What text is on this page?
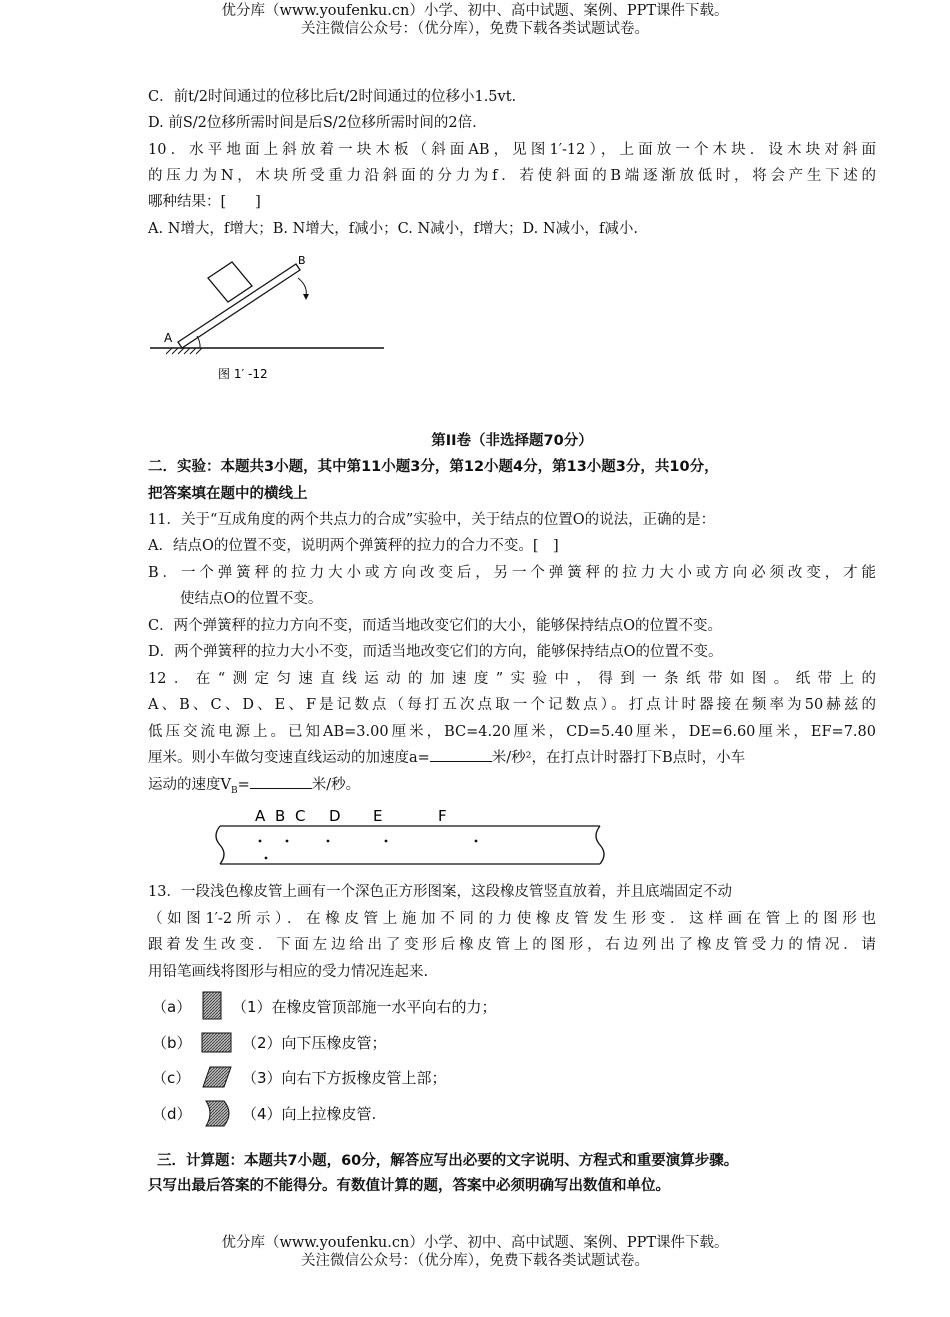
优分库（www.youfenku.cn）小学、初中、高中试题、案例、PPT课件下载。
关注微信公众号：（优分库），免费下载各类试题试卷。
C．前t/2时间通过的位移比后t/2时间通过的位移小1.5vt.
D. 前S/2位移所需时间是后S/2位移所需时间的2倍.
10．水平地面上斜放着一块木板（斜面AB，见图1′-12），上面放一个木块．设木块对斜面
的压力为N，木块所受重力沿斜面的分力为f．若使斜面的B端逐渐放低时，将会产生下述的
哪种结果：[　　]
A. N增大，f增大；B. N增大，f减小；C. N减小，f增大；D. N减小，f减小.
A
B
图 1′ -12
第II卷（非选择题70分）
二．实验：本题共3小题，其中第11小题3分，第12小题4分，第13小题3分，共10分，
把答案填在题中的横线上
11．关于“互成角度的两个共点力的合成”实验中，关于结点的位置O的说法，正确的是：
A．结点O的位置不变，说明两个弹簧秤的拉力的合力不变。[　]
B．一个弹簧秤的拉力大小或方向改变后，另一个弹簧秤的拉力大小或方向必须改变，才能
使结点O的位置不变。
C．两个弹簧秤的拉力方向不变，而适当地改变它们的大小，能够保持结点O的位置不变。
D．两个弹簧秤的拉力大小不变，而适当地改变它们的方向，能够保持结点O的位置不变。
12．在“测定匀速直线运动的加速度”实验中，得到一条纸带如图。纸带上的
A、B、C、D、E、F是记数点（每打五次点取一个记数点）。打点计时器接在频率为50赫兹的
低压交流电源上。已知AB=3.00厘米，BC=4.20厘米，CD=5.40厘米，DE=6.60厘米，EF=7.80
厘米。则小车做匀变速直线运动的加速度a=	米/秒²，在打点计时器打下B点时，小车
运动的速度$V_B=$	米/秒。
A B C D E	F
13．一段浅色橡皮管上画有一个深色正方形图案，这段橡皮管竖直放着，并且底端固定不动
（如图1′-2所示）．在橡皮管上施加不同的力使橡皮管发生形变．这样画在管上的图形也
跟着发生改变．下面左边给出了变形后橡皮管上的图形，右边列出了橡皮管受力的情况．请
用铅笔画线将图形与相应的受力情况连起来.
（a）	（1）在橡皮管顶部施一水平向右的力；
（b）	（2）向下压橡皮管；
（c）	（3）向右下方扳橡皮管上部；
（d）	（4）向上拉橡皮管.
三．计算题：本题共7小题，60分，解答应写出必要的文字说明、方程式和重要演算步骤。
只写出最后答案的不能得分。有数值计算的题，答案中必须明确写出数值和单位。
优分库（www.youfenku.cn）小学、初中、高中试题、案例、PPT课件下载。
关注微信公众号：（优分库），免费下载各类试题试卷。
